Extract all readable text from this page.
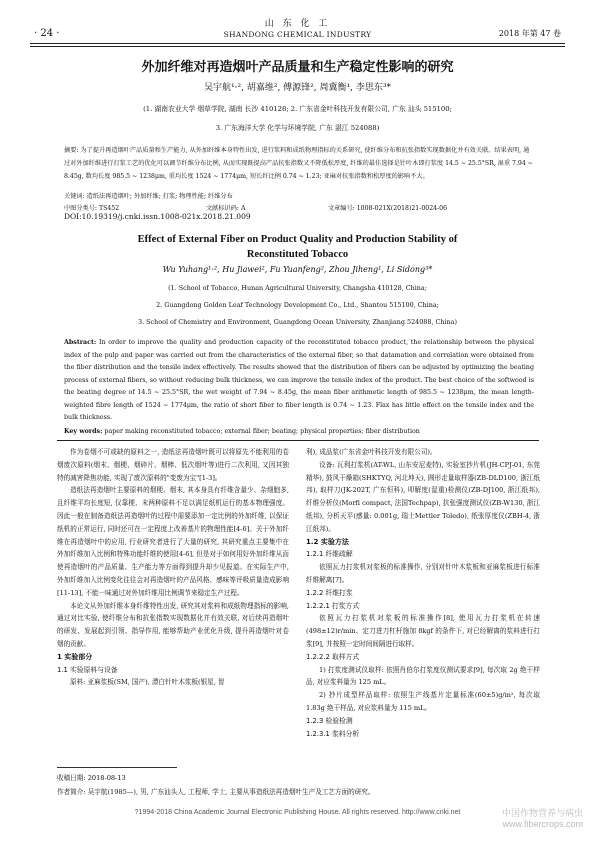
· 24 ·
山 东 化 工
SHANDONG CHEMICAL INDUSTRY	2018 年第 47 卷
外加纤维对再造烟叶产品质量和生产稳定性影响的研究
吴宇航¹·², 胡嘉维², 傅源锋², 周冀衡¹, 李思东³*
(1. 湖南农业大学 烟草学院, 湖南 长沙 410128; 2. 广东省金叶科技开发有限公司, 广东 汕头 515100;
3. 广东海洋大学 化学与环境学院, 广东 湛江 524088)
摘要: 为了提升再造烟叶产品质量和生产能力, 从外加纤维本身特性出发, 进行浆料和成纸物理指标的关系研究, 使纤维分布和抗张指数实现数据化并有效关联。结果表明, 通过对外加纤维进行打浆工艺的优化可以调节纤维分布比例, 从而实现既提高产品抗张指数又不降低松厚度, 纤维的最佳选择是针叶木即打浆度 14.5 ~ 25.5°SR, 湿重 7.94 ~ 8.45g, 数均长度 985.5 ~ 1238μm, 重均长度 1524 ~ 1774μm, 短长纤比例 0.74 ~ 1.23; 亚麻对抗张指数和松厚度的影响不大。
关键词: 造纸法再造烟叶; 外加纤维; 打浆; 物理性能; 纤维分布
中图分类号: TS452	文献标识码: A	文章编号: 1008-021X(2018)21-0024-06
DOI:10.19319/j.cnki.issn.1008-021x.2018.21.009
Effect of External Fiber on Product Quality and Production Stability of
Reconstituted Tobacco
Wu Yuhang¹·², Hu Jiawei², Fu Yuanfeng², Zhou Jiheng¹, Li Sidong³*
(1. School of Tobacco, Hunan Agricultural University, Changsha 410128, China;
2. Guangdong Golden Leaf Technology Development Co., Ltd., Shantou 515100, China;
3. School of Chemistry and Environment, Guangdong Ocean University, Zhanjiang 524088, China)
Abstract: In order to improve the quality and production capacity of the reconstituted tobacco product, the relationship between the physical index of the pulp and paper was carried out from the characteristics of the external fiber, so that datamation and correlation were obtained from the fiber distribution and the tensile index effectively. The results showed that the distribution of fibers can be adjusted by optimizing the beating process of external fibers, so without reducing bulk thickness, we can improve the tensile index of the product. The best choice of the softwood is the beating degree of 14.5 ~ 25.5°SR, the wet weight of 7.94 ~ 8.45g, the mean fiber arithmetic length of 985.5 ~ 1238μm, the mean length-weighted fibre length of 1524 ~ 1774μm, the ratio of short fiber to fiber length is 0.74 ~ 1.23. Flax has little effect on the tensile index and the bulk thickness.
Key words: paper making reconstituted tobacco; external fiber; beating; physical properties; fiber distribution

作为卷烟不可或缺的原料之一, 造纸法再造烟叶既可以将原先不能利用的卷烟废次原料(烟末、烟梗、烟碎片、烟棒、低次烟叶等)进行二次利用, 又因其独特的减害降焦功能, 实现了废次原料的"变废为宝"[1-3]。

造纸法再造烟叶主要原料的烟梗、烟末, 其本身具有纤维含量少、杂细胞多, 且纤维平均长度短, 仅靠梗、末两种原料不足以满足纸机运行的基本物理强度。因此一般在制备造纸法再造烟叶的过程中需要添加一定比例的外加纤维, 以保证纸机的正常运行, 同时还可在一定程度上改善基片的物理性能[4-6]。关于外加纤维在再造烟叶中的应用, 行业研究者进行了大量的研究, 其研究重点主要集中在外加纤维加入比例和特殊功能纤维的使用[4-6], 但是对于如何用好外加纤维从而使再造烟叶的产品质量、生产能力等方面得到提升却少见报道。在实际生产中, 外加纤维加入比例变化往往会对再造烟叶的产品风格、感味等评吸质量造成影响[11-13], 不能一味通过对外加纤维用比例调节来稳定生产过程。

本论文从外加纤维本身纤维特性出发, 研究其对浆料和成纸物理指标的影响, 通过对比实验, 使纤维分布和抗张指数实现数据化并有效关联, 对后续再造烟叶的研发、发展起到引领、指导作用, 能够帮助产业优化升级, 提升再造烟叶对卷烟的贡献。

1 实验部分

1.1 实验原料与设备

原料: 亚麻浆板(SM, 国产), 漂白针叶木浆板(银星, 智

利), 成品浆(广东省金叶科技开发有限公司)。

设备: 瓦利打浆机(AT-WL, 山东安尼麦特), 实验室抄片机(JH-CPJ-01, 东莞精华), 鼓风干燥箱(SHKTYQ, 河北坤天), 圆形走量取样器(ZB-DLD100, 浙江纸邦), 取样刀(JK-202T, 广东恒科), 叩解度(湿重)检测仪(ZB-DJ100, 浙江纸邦), 纤维分析仪(Morfi compact, 法国Techpap), 抗张强度测试仪(ZB-W130, 浙江纸邦), 分析天平(感量: 0.001g, 瑞士Mettler Toledo), 纸张厚度仪(ZBH-4, 浙江纸邦)。

1.2 实验方法

1.2.1 纤维疏解

依照瓦力打浆机对浆板的标准操作, 分别对针叶木浆板和亚麻浆板进行标准纤维解离[7]。

1.2.2 纤维打浆

1.2.2.1 打浆方式

依照瓦力打浆机对浆板的标准操作[8], 使用瓦力打浆机在转速(498±12)r/min、定刀进刀杠杆施加 8kgf 的条件下, 对已经解离的浆料进行打浆[9], 并按照一定时间间隔进行取样。

1.2.2.2 取样方式

1) 打浆度测试仪取样: 依照肖伯尔打浆度仪测试要求[9], 每次取 2g 绝干样品, 对应浆料量为 125 mL。

2) 抄片成型样品取样: 依照生产线基片定量标准(60±5)g/m², 每次取 1.83g 绝干样品, 对应浆料量为 115 mL。

1.2.3 检验检测

1.2.3.1 浆料分析

收稿日期: 2018-08-13
作者简介: 吴宇航(1985—), 男, 广东汕头人, 工程师, 学士, 主要从事造纸法再造烟叶生产及工艺方面的研究。
?1994-2018 China Academic Journal Electronic Publishing House. All rights reserved. http://www.cnki.net	中国作物营养与病虫
www.fibercrops.com
